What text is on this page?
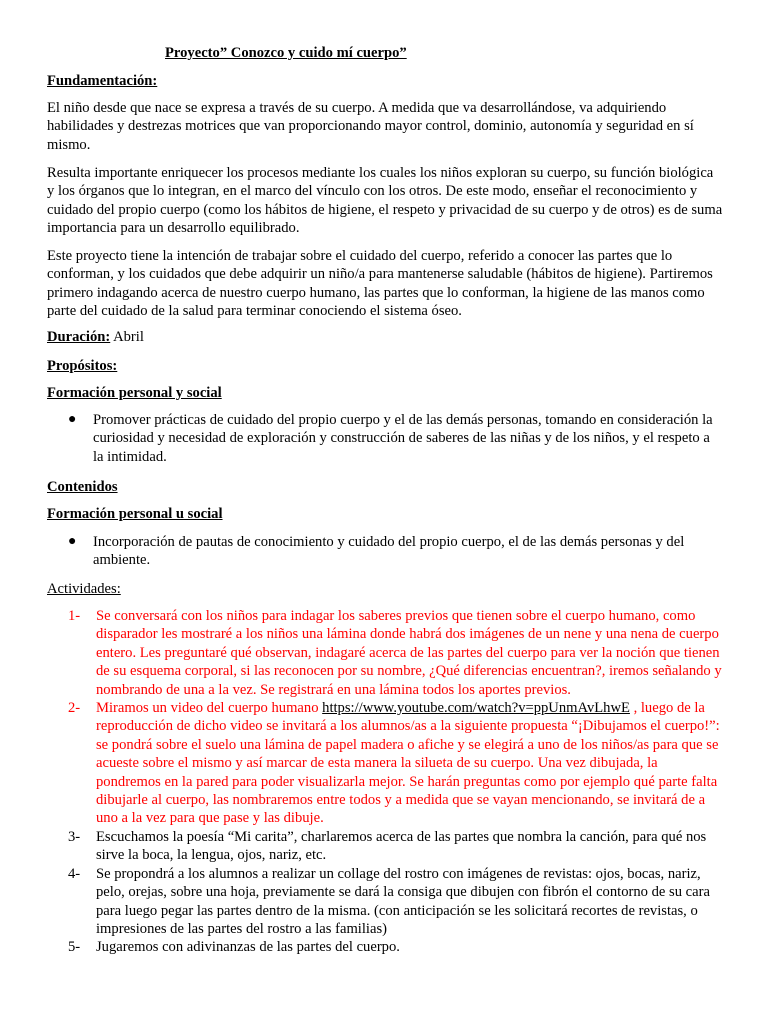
Proyecto” Conozco y cuido mí cuerpo”
Fundamentación:

El niño desde que nace se expresa a través de su cuerpo. A medida que va desarrollándose, va adquiriendo habilidades y destrezas motrices que van proporcionando mayor control, dominio, autonomía y seguridad en sí mismo.

Resulta importante enriquecer los procesos mediante los cuales los niños exploran su cuerpo, su función biológica y los órganos que lo integran, en el marco del vínculo con los otros. De este modo, enseñar el reconocimiento y cuidado del propio cuerpo (como los hábitos de higiene, el respeto y privacidad de su cuerpo y de otros) es de suma importancia para un desarrollo equilibrado.

Este proyecto tiene la intención de trabajar sobre el cuidado del cuerpo, referido a conocer las partes que lo conforman, y los cuidados que debe adquirir un niño/a para mantenerse saludable (hábitos de higiene). Partiremos primero indagando acerca de nuestro cuerpo humano, las partes que lo conforman, la higiene de las manos como parte del cuidado de la salud para terminar conociendo el sistema óseo.

Duración: Abril
Propósitos:
Formación personal y social
● Promover prácticas de cuidado del propio cuerpo y el de las demás personas, tomando en consideración la curiosidad y necesidad de exploración y construcción de saberes de las niñas y de los niños, y el respeto a la intimidad.
Contenidos
Formación personal u social
● Incorporación de pautas de conocimiento y cuidado del propio cuerpo, el de las demás personas y del ambiente.
Actividades:
1- Se conversará con los niños para indagar los saberes previos que tienen sobre el cuerpo humano, como disparador les mostraré a los niños una lámina donde habrá dos imágenes de un nene y una nena de cuerpo entero. Les preguntaré qué observan, indagaré acerca de las partes del cuerpo para ver la noción que tienen de su esquema corporal, si las reconocen por su nombre, ¿Qué diferencias encuentran?, iremos señalando y nombrando de una a la vez. Se registrará en una lámina todos los aportes previos.
2- Miramos un video del cuerpo humano https://www.youtube.com/watch?v=ppUnmAvLhwE , luego de la reproducción de dicho video se invitará a los alumnos/as a la siguiente propuesta “¡Dibujamos el cuerpo!”: se pondrá sobre el suelo una lámina de papel madera o afiche y se elegirá a uno de los niños/as para que se acueste sobre el mismo y así marcar de esta manera la silueta de su cuerpo. Una vez dibujada, la pondremos en la pared para poder visualizarla mejor. Se harán preguntas como por ejemplo qué parte falta dibujarle al cuerpo, las nombraremos entre todos y a medida que se vayan mencionando, se invitará de a uno a la vez para que pase y las dibuje.
3- Escuchamos la poesía “Mi carita”, charlaremos acerca de las partes que nombra la canción, para qué nos sirve la boca, la lengua, ojos, nariz, etc.
4- Se propondrá a los alumnos a realizar un collage del rostro con imágenes de revistas: ojos, bocas, nariz, pelo, orejas, sobre una hoja, previamente se dará la consiga que dibujen con fibrón el contorno de su cara para luego pegar las partes dentro de la misma. (con anticipación se les solicitará recortes de revistas, o impresiones de las partes del rostro a las familias)
5- Jugaremos con adivinanzas de las partes del cuerpo.
